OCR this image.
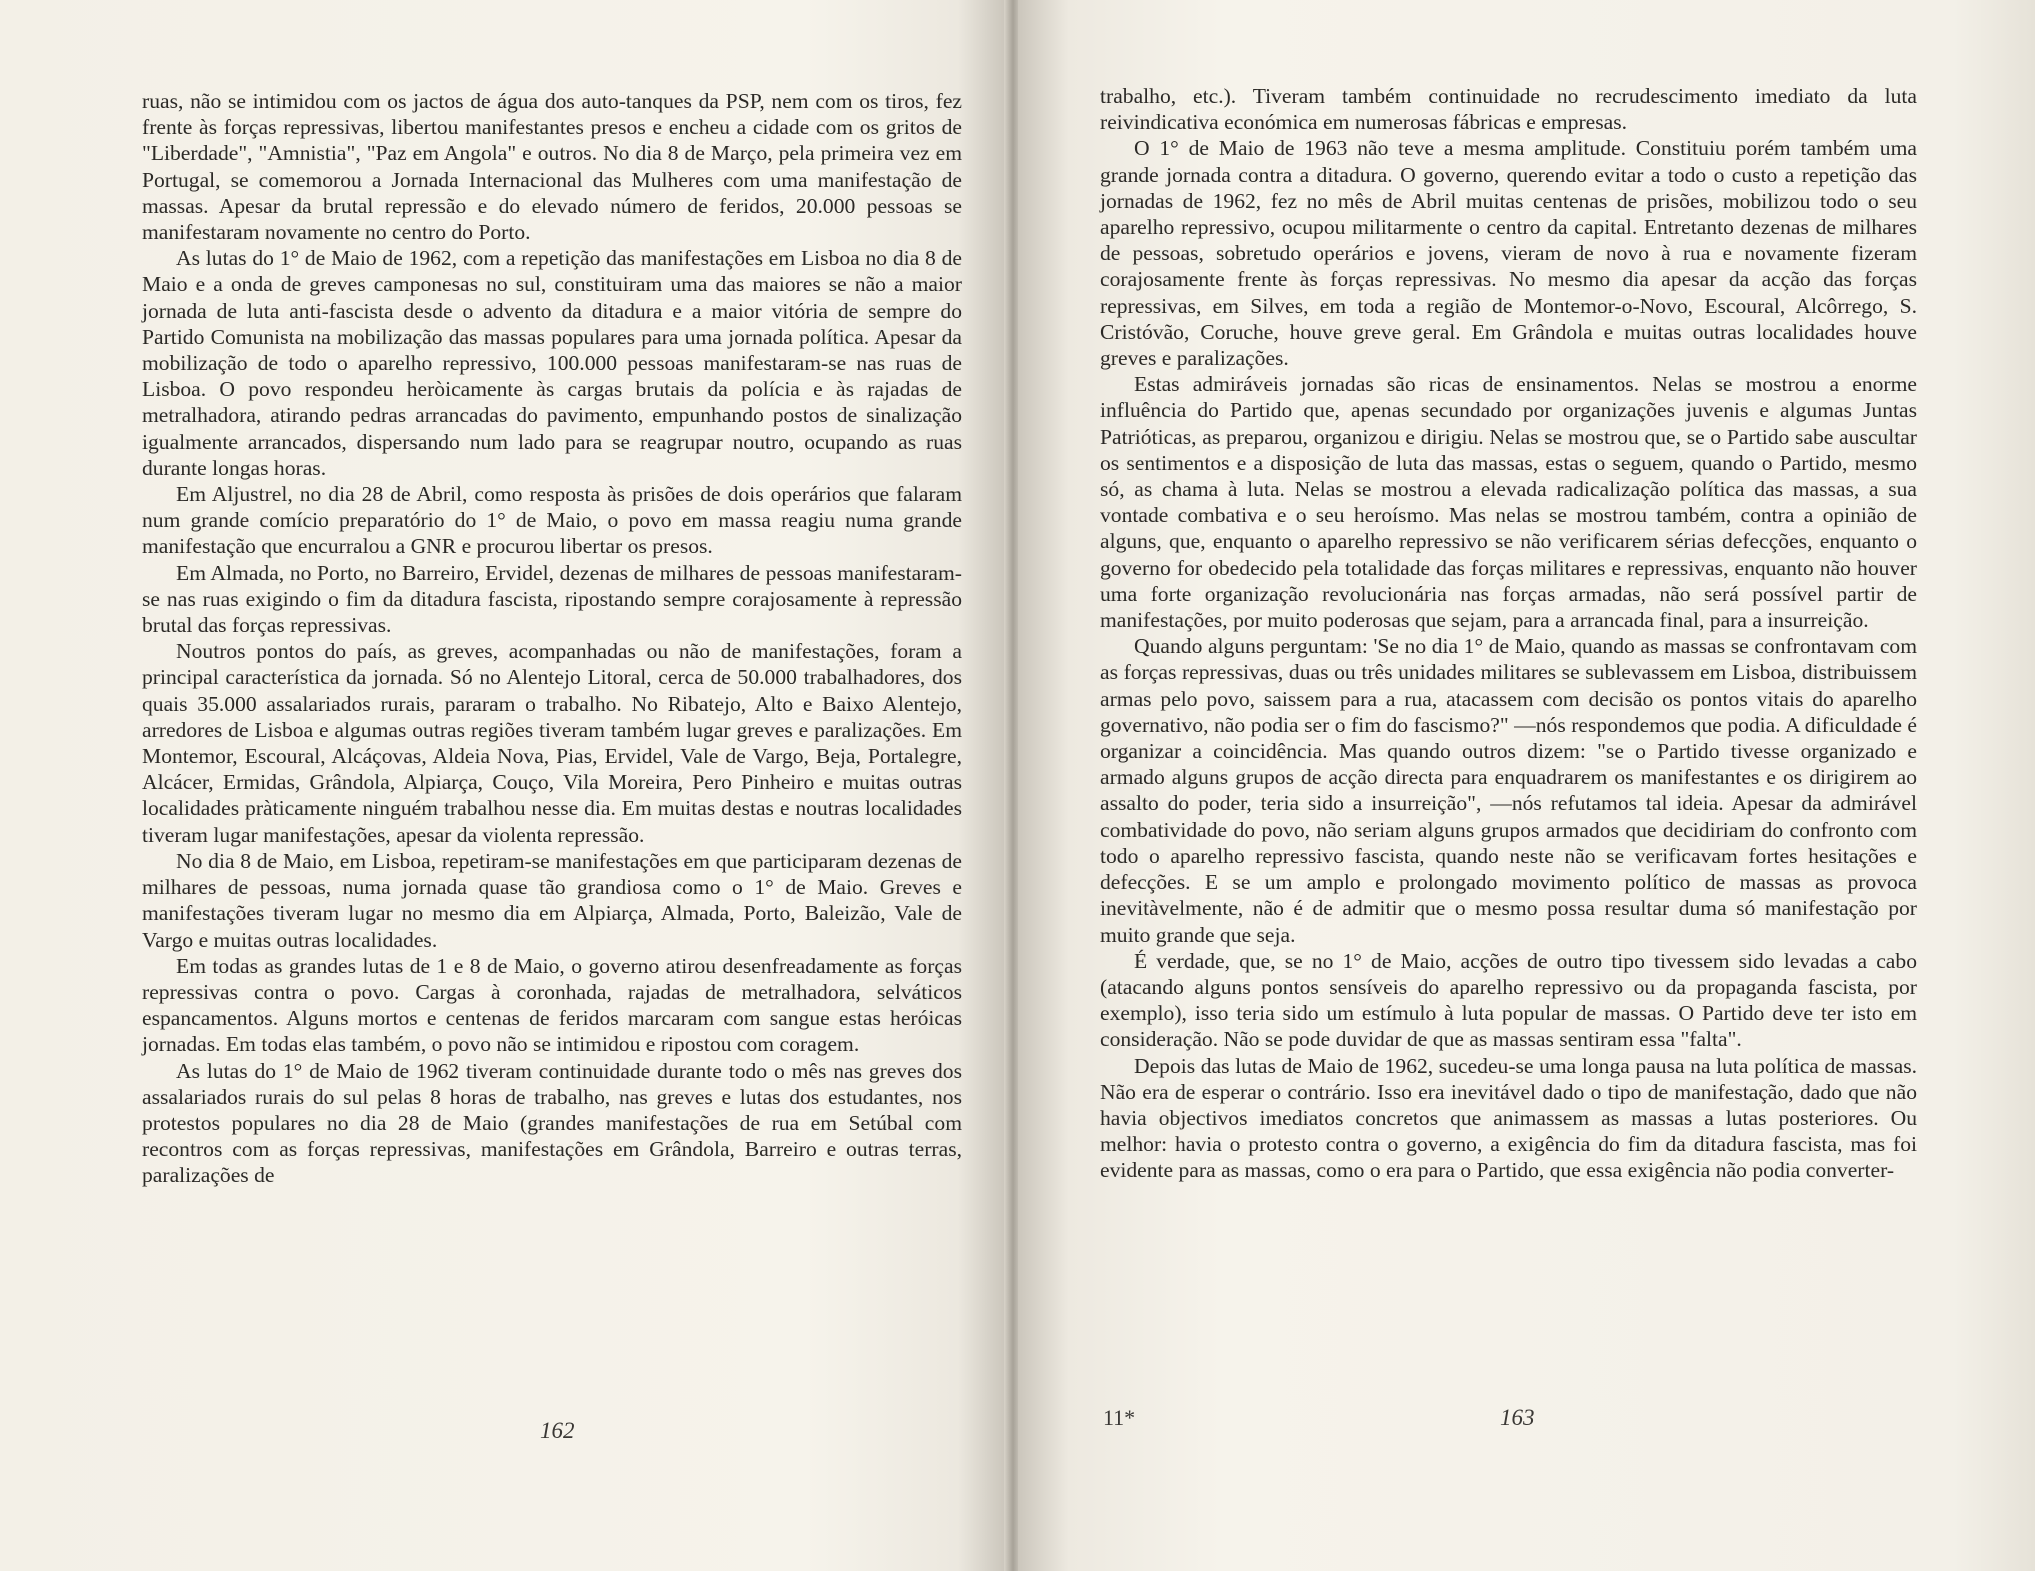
ruas, não se intimidou com os jactos de água dos auto-tanques da PSP, nem com os tiros, fez frente às forças repressivas, libertou manifestantes presos e encheu a cidade com os gritos de "Liberdade", "Amnistia", "Paz em Angola" e outros. No dia 8 de Março, pela primeira vez em Portugal, se comemorou a Jornada Internacional das Mulheres com uma manifestação de massas. Apesar da brutal repressão e do elevado número de feridos, 20.000 pessoas se manifestaram novamente no centro do Porto.

As lutas do 1° de Maio de 1962, com a repetição das manifestações em Lisboa no dia 8 de Maio e a onda de greves camponesas no sul, constituiram uma das maiores se não a maior jornada de luta anti-fascista desde o advento da ditadura e a maior vitória de sempre do Partido Comunista na mobilização das massas populares para uma jornada política. Apesar da mobilização de todo o aparelho repressivo, 100.000 pessoas manifestaram-se nas ruas de Lisboa. O povo respondeu heròicamente às cargas brutais da polícia e às rajadas de metralhadora, atirando pedras arrancadas do pavimento, empunhando postos de sinalização igualmente arrancados, dispersando num lado para se reagrupar noutro, ocupando as ruas durante longas horas.

Em Aljustrel, no dia 28 de Abril, como resposta às prisões de dois operários que falaram num grande comício preparatório do 1° de Maio, o povo em massa reagiu numa grande manifestação que encurralou a GNR e procurou libertar os presos.

Em Almada, no Porto, no Barreiro, Ervidel, dezenas de milhares de pessoas manifestaram-se nas ruas exigindo o fim da ditadura fascista, ripostando sempre corajosamente à repressão brutal das forças repressivas.

Noutros pontos do país, as greves, acompanhadas ou não de manifestações, foram a principal característica da jornada. Só no Alentejo Litoral, cerca de 50.000 trabalhadores, dos quais 35.000 assalariados rurais, pararam o trabalho. No Ribatejo, Alto e Baixo Alentejo, arredores de Lisboa e algumas outras regiões tiveram também lugar greves e paralizações. Em Montemor, Escoural, Alcáçovas, Aldeia Nova, Pias, Ervidel, Vale de Vargo, Beja, Portalegre, Alcácer, Ermidas, Grândola, Alpiarça, Couço, Vila Moreira, Pero Pinheiro e muitas outras localidades pràticamente ninguém trabalhou nesse dia. Em muitas destas e noutras localidades tiveram lugar manifestações, apesar da violenta repressão.

No dia 8 de Maio, em Lisboa, repetiram-se manifestações em que participaram dezenas de milhares de pessoas, numa jornada quase tão grandiosa como o 1° de Maio. Greves e manifestações tiveram lugar no mesmo dia em Alpiarça, Almada, Porto, Baleizão, Vale de Vargo e muitas outras localidades.

Em todas as grandes lutas de 1 e 8 de Maio, o governo atirou desenfreadamente as forças repressivas contra o povo. Cargas à coronhada, rajadas de metralhadora, selváticos espancamentos. Alguns mortos e centenas de feridos marcaram com sangue estas heróicas jornadas. Em todas elas também, o povo não se intimidou e ripostou com coragem.

As lutas do 1° de Maio de 1962 tiveram continuidade durante todo o mês nas greves dos assalariados rurais do sul pelas 8 horas de trabalho, nas greves e lutas dos estudantes, nos protestos populares no dia 28 de Maio (grandes manifestações de rua em Setúbal com recontros com as forças repressivas, manifestações em Grândola, Barreiro e outras terras, paralizações de

162

trabalho, etc.). Tiveram também continuidade no recrudescimento imediato da luta reivindicativa económica em numerosas fábricas e empresas.

O 1° de Maio de 1963 não teve a mesma amplitude. Constituiu porém também uma grande jornada contra a ditadura. O governo, querendo evitar a todo o custo a repetição das jornadas de 1962, fez no mês de Abril muitas centenas de prisões, mobilizou todo o seu aparelho repressivo, ocupou militarmente o centro da capital. Entretanto dezenas de milhares de pessoas, sobretudo operários e jovens, vieram de novo à rua e novamente fizeram corajosamente frente às forças repressivas. No mesmo dia apesar da acção das forças repressivas, em Silves, em toda a região de Montemor-o-Novo, Escoural, Alcôrrego, S. Cristóvão, Coruche, houve greve geral. Em Grândola e muitas outras localidades houve greves e paralizações.

Estas admiráveis jornadas são ricas de ensinamentos. Nelas se mostrou a enorme influência do Partido que, apenas secundado por organizações juvenis e algumas Juntas Patrióticas, as preparou, organizou e dirigiu. Nelas se mostrou que, se o Partido sabe auscultar os sentimentos e a disposição de luta das massas, estas o seguem, quando o Partido, mesmo só, as chama à luta. Nelas se mostrou a elevada radicalização política das massas, a sua vontade combativa e o seu heroísmo. Mas nelas se mostrou também, contra a opinião de alguns, que, enquanto o aparelho repressivo se não verificarem sérias defecções, enquanto o governo for obedecido pela totalidade das forças militares e repressivas, enquanto não houver uma forte organização revolucionária nas forças armadas, não será possível partir de manifestações, por muito poderosas que sejam, para a arrancada final, para a insurreição.

Quando alguns perguntam: 'Se no dia 1° de Maio, quando as massas se confrontavam com as forças repressivas, duas ou três unidades militares se sublevassem em Lisboa, distribuissem armas pelo povo, saissem para a rua, atacassem com decisão os pontos vitais do aparelho governativo, não podia ser o fim do fascismo?" —nós respondemos que podia. A dificuldade é organizar a coincidência. Mas quando outros dizem: "se o Partido tivesse organizado e armado alguns grupos de acção directa para enquadrarem os manifestantes e os dirigirem ao assalto do poder, teria sido a insurreição", —nós refutamos tal ideia. Apesar da admirável combatividade do povo, não seriam alguns grupos armados que decidiriam do confronto com todo o aparelho repressivo fascista, quando neste não se verificavam fortes hesitações e defecções. E se um amplo e prolongado movimento político de massas as provoca inevitàvelmente, não é de admitir que o mesmo possa resultar duma só manifestação por muito grande que seja.

É verdade, que, se no 1° de Maio, acções de outro tipo tivessem sido levadas a cabo (atacando alguns pontos sensíveis do aparelho repressivo ou da propaganda fascista, por exemplo), isso teria sido um estímulo à luta popular de massas. O Partido deve ter isto em consideração. Não se pode duvidar de que as massas sentiram essa "falta".

Depois das lutas de Maio de 1962, sucedeu-se uma longa pausa na luta política de massas. Não era de esperar o contrário. Isso era inevitável dado o tipo de manifestação, dado que não havia objectivos imediatos concretos que animassem as massas a lutas posteriores. Ou melhor: havia o protesto contra o governo, a exigência do fim da ditadura fascista, mas foi evidente para as massas, como o era para o Partido, que essa exigência não podia converter-

11*	163
